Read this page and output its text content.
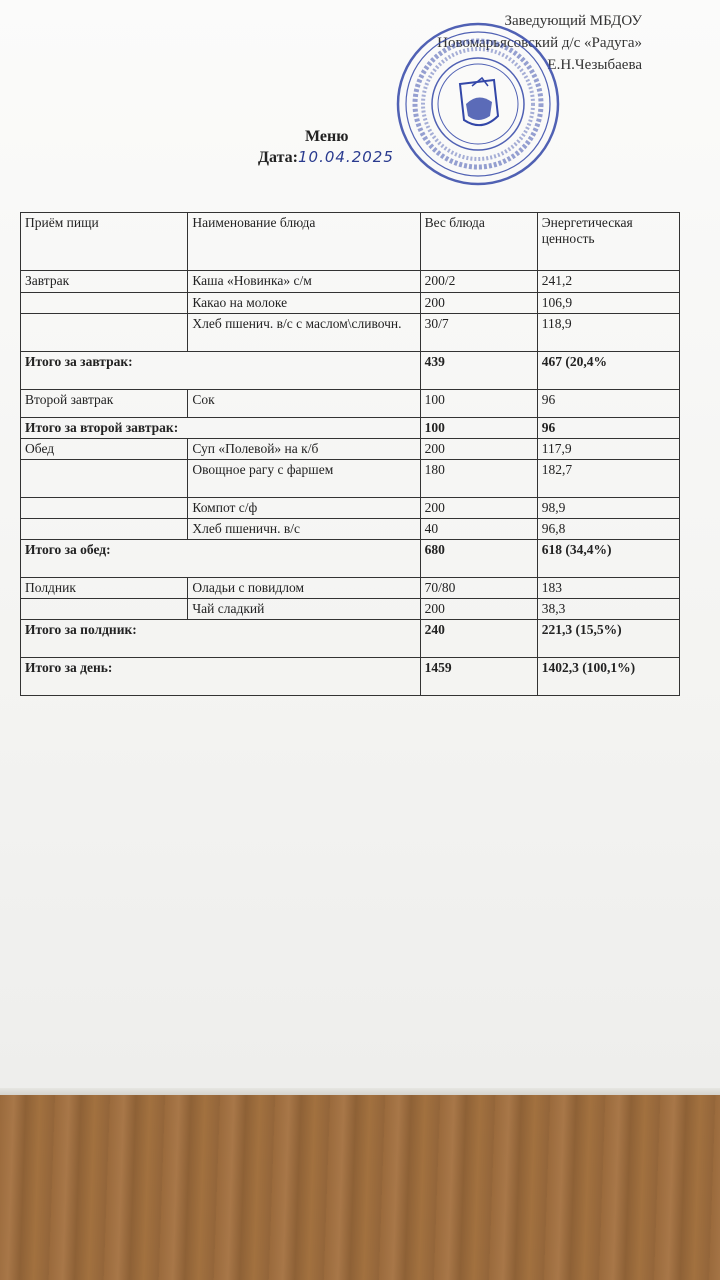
Заведующий МБДОУ
Новомарьясовский д/с «Радуга»
Е.Н.Чезыбаева
Меню
Дата:10.04.2025
Приём пищи	Наименование блюда	Вес блюда	Энергетическая ценность
Завтрак	Каша «Новинка» с/м	200/2	241,2
	Какао на молоке	200	106,9
	Хлеб пшенич. в/с с маслом\сливочн.	30/7	118,9
Итого за завтрак:		439	467 (20,4%
Второй завтрак	Сок	100	96
Итого за второй завтрак:		100	96
Обед	Суп «Полевой» на к/б	200	117,9
	Овощное рагу с фаршем	180	182,7
	Компот с/ф	200	98,9
	Хлеб пшеничн. в/с	40	96,8
Итого за обед:		680	618 (34,4%)
Полдник	Оладьи с повидлом	70/80	183
	Чай сладкий	200	38,3
Итого за полдник:		240	221,3 (15,5%)
Итого за день:		1459	1402,3 (100,1%)
